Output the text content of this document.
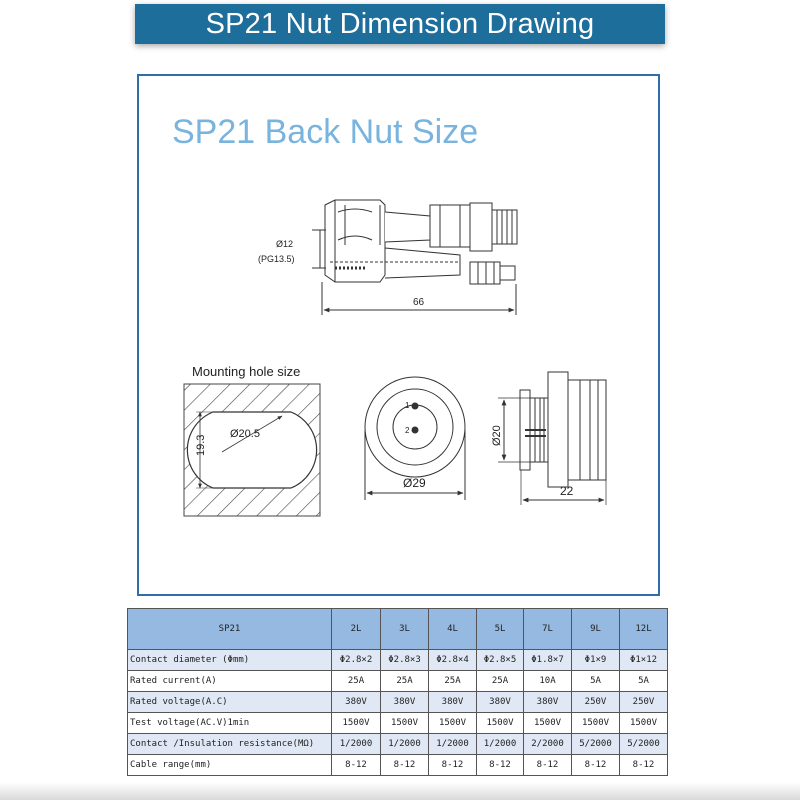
SP21 Nut Dimension Drawing
SP21 Back Nut Size
Ø12
(PG13.5)
66
Mounting hole size
Ø20.5
19.3
1
2
Ø29
Ø20
22
SP21	2L	3L	4L	5L	7L	9L	12L
Contact diameter (Φmm)	Φ2.8×2	Φ2.8×3	Φ2.8×4	Φ2.8×5	Φ1.8×7	Φ1×9	Φ1×12
Rated current(A)	25A	25A	25A	25A	10A	5A	5A
Rated voltage(A.C)	380V	380V	380V	380V	380V	250V	250V
Test voltage(AC.V)1min	1500V	1500V	1500V	1500V	1500V	1500V	1500V
Contact /Insulation resistance(MΩ)	1/2000	1/2000	1/2000	1/2000	2/2000	5/2000	5/2000
Cable range(mm)	8-12	8-12	8-12	8-12	8-12	8-12	8-12
